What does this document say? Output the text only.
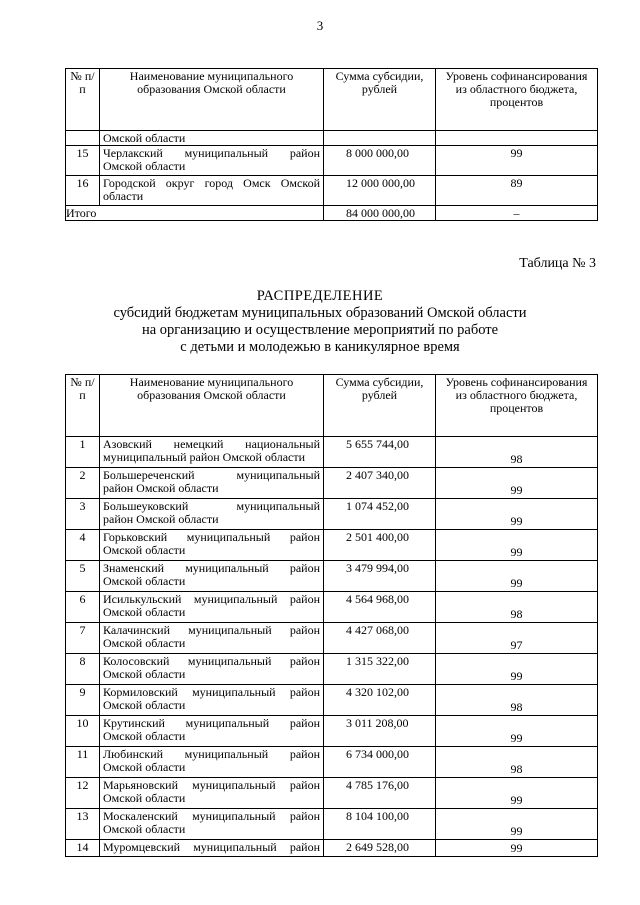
3
№ п/п	Наименование муниципального образования Омской области	Сумма субсидии, рублей	Уровень софинансирования из областного бюджета, процентов
	Омской области		
15	Черлакский муниципальный район
Омской области	8 000 000,00	99
16	Городской округ город Омск Омской
области	12 000 000,00	89
Итого		84 000 000,00	–
Таблица № 3
РАСПРЕДЕЛЕНИЕ
субсидий бюджетам муниципальных образований Омской области
на организацию и осуществление мероприятий по работе
с детьми и молодежью в каникулярное время
№ п/п	Наименование муниципального образования Омской области	Сумма субсидии, рублей	Уровень софинансирования из областного бюджета, процентов
1	Азовский немецкий национальный
муниципальный район Омской области	5 655 744,00	98
2	Большереченский муниципальный
район Омской области	2 407 340,00	99
3	Большеуковский муниципальный
район Омской области	1 074 452,00	99
4	Горьковский муниципальный район
Омской области	2 501 400,00	99
5	Знаменский муниципальный район
Омской области	3 479 994,00	99
6	Исилькульский муниципальный район
Омской области	4 564 968,00	98
7	Калачинский муниципальный район
Омской области	4 427 068,00	97
8	Колосовский муниципальный район
Омской области	1 315 322,00	99
9	Кормиловский муниципальный район
Омской области	4 320 102,00	98
10	Крутинский муниципальный район
Омской области	3 011 208,00	99
11	Любинский муниципальный район
Омской области	6 734 000,00	98
12	Марьяновский муниципальный район
Омской области	4 785 176,00	99
13	Москаленский муниципальный район
Омской области	8 104 100,00	99
14	Муромцевский муниципальный район	2 649 528,00	99
